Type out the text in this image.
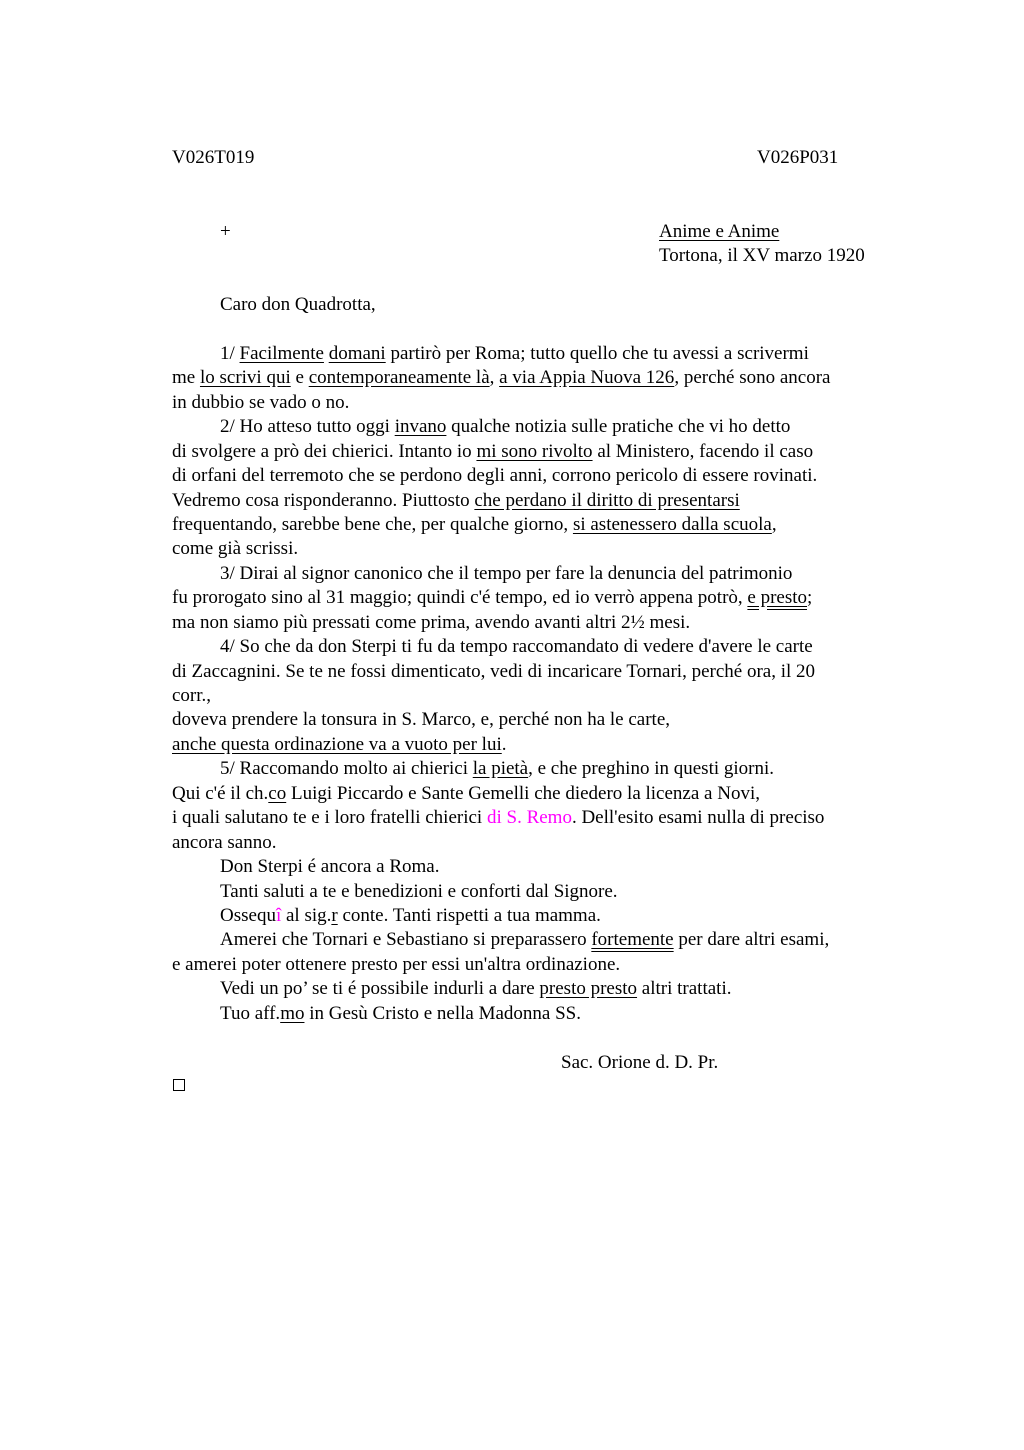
V026T019	V026P031
+	Anime e Anime
Tortona, il XV marzo 1920
Caro don Quadrotta,
1/ Facilmente domani partirò per Roma; tutto quello che tu avessi a scrivermi
me lo scrivi qui e contemporaneamente là, a via Appia Nuova 126, perché sono ancora
in dubbio se vado o no.
2/ Ho atteso tutto oggi invano qualche notizia sulle pratiche che vi ho detto
di svolgere a prò dei chierici. Intanto io mi sono rivolto al Ministero, facendo il caso
di orfani del terremoto che se perdono degli anni, corrono pericolo di essere rovinati.
Vedremo cosa risponderanno. Piuttosto che perdano il diritto di presentarsi
frequentando, sarebbe bene che, per qualche giorno, si astenessero dalla scuola,
come già scrissi.
3/ Dirai al signor canonico che il tempo per fare la denuncia del patrimonio
fu prorogato sino al 31 maggio; quindi c'é tempo, ed io verrò appena potrò, e presto;
ma non siamo più pressati come prima, avendo avanti altri 2½ mesi.
4/ So che da don Sterpi ti fu da tempo raccomandato di vedere d'avere le carte
di Zaccagnini. Se te ne fossi dimenticato, vedi di incaricare Tornari, perché ora, il 20
corr.,
doveva prendere la tonsura in S. Marco, e, perché non ha le carte,
anche questa ordinazione va a vuoto per lui.
5/ Raccomando molto ai chierici la pietà, e che preghino in questi giorni.
Qui c'é il ch.co Luigi Piccardo e Sante Gemelli che diedero la licenza a Novi,
i quali salutano te e i loro fratelli chierici di S. Remo. Dell'esito esami nulla di preciso
ancora sanno.
Don Sterpi é ancora a Roma.
Tanti saluti a te e benedizioni e conforti dal Signore.
Ossequî al sig.r conte. Tanti rispetti a tua mamma.
Amerei che Tornari e Sebastiano si preparassero fortemente per dare altri esami,
e amerei poter ottenere presto per essi un'altra ordinazione.
Vedi un po’ se ti é possibile indurli a dare presto presto altri trattati.
Tuo aff.mo in Gesù Cristo e nella Madonna SS.
Sac. Orione d. D. Pr.
